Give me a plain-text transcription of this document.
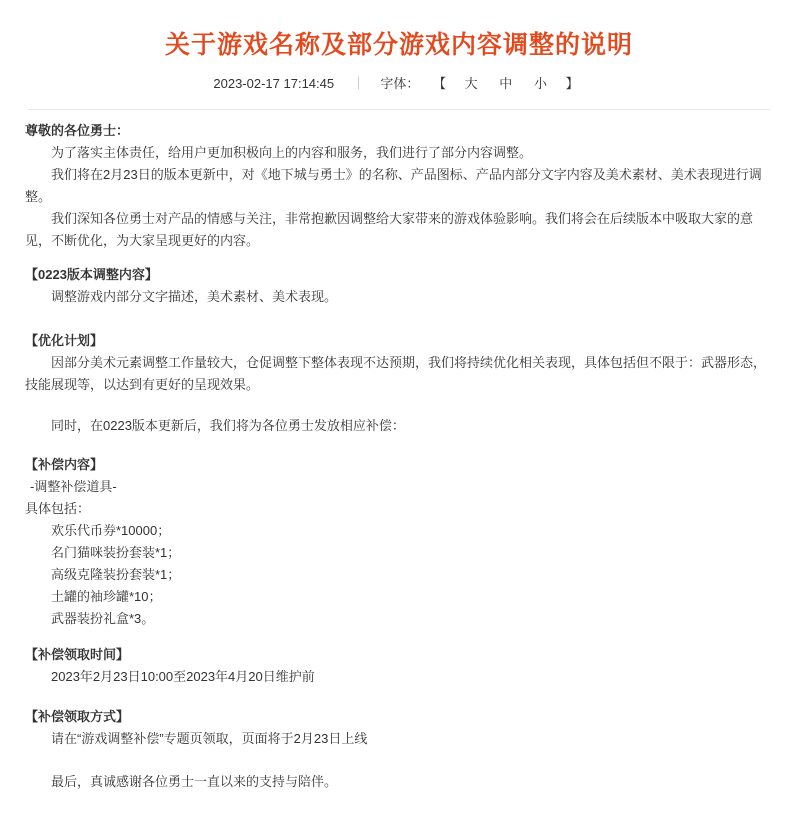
关于游戏名称及部分游戏内容调整的说明
2023-02-17 17:14:45 ｜ 字体： 【 大 中 小 】

尊敬的各位勇士：

为了落实主体责任，给用户更加积极向上的内容和服务，我们进行了部分内容调整。

我们将在2月23日的版本更新中，对《地下城与勇士》的名称、产品图标、产品内部分文字内容及美术素材、美术表现进行调整。

我们深知各位勇士对产品的情感与关注，非常抱歉因调整给大家带来的游戏体验影响。我们将会在后续版本中吸取大家的意见，不断优化，为大家呈现更好的内容。

【0223版本调整内容】

调整游戏内部分文字描述，美术素材、美术表现。

【优化计划】

因部分美术元素调整工作量较大，仓促调整下整体表现不达预期，我们将持续优化相关表现，具体包括但不限于：武器形态，技能展现等，以达到有更好的呈现效果。

同时，在0223版本更新后，我们将为各位勇士发放相应补偿：

【补偿内容】

-调整补偿道具-

具体包括：

欢乐代币券*10000；

名门猫咪装扮套装*1；

高级克隆装扮套装*1；

土罐的袖珍罐*10；

武器装扮礼盒*3。

【补偿领取时间】

2023年2月23日10:00至2023年4月20日维护前

【补偿领取方式】

请在“游戏调整补偿”专题页领取，页面将于2月23日上线

最后，真诚感谢各位勇士一直以来的支持与陪伴。
